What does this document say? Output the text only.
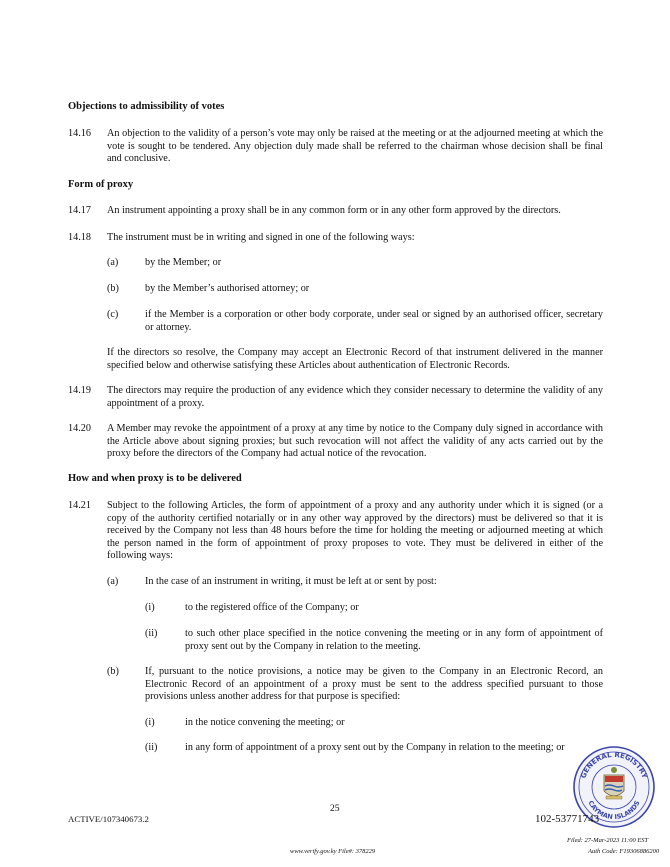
Objections to admissibility of votes
14.16 An objection to the validity of a person’s vote may only be raised at the meeting or at the adjourned meeting at which the vote is sought to be tendered. Any objection duly made shall be referred to the chairman whose decision shall be final and conclusive.
Form of proxy
14.17 An instrument appointing a proxy shall be in any common form or in any other form approved by the directors.
14.18 The instrument must be in writing and signed in one of the following ways:
(a)	by the Member; or
(b)	by the Member’s authorised attorney; or
(c)	if the Member is a corporation or other body corporate, under seal or signed by an authorised officer, secretary or attorney.
If the directors so resolve, the Company may accept an Electronic Record of that instrument delivered in the manner specified below and otherwise satisfying these Articles about authentication of Electronic Records.
14.19 The directors may require the production of any evidence which they consider necessary to determine the validity of any appointment of a proxy.
14.20 A Member may revoke the appointment of a proxy at any time by notice to the Company duly signed in accordance with the Article above about signing proxies; but such revocation will not affect the validity of any acts carried out by the proxy before the directors of the Company had actual notice of the revocation.
How and when proxy is to be delivered
14.21 Subject to the following Articles, the form of appointment of a proxy and any authority under which it is signed (or a copy of the authority certified notarially or in any other way approved by the directors) must be delivered so that it is received by the Company not less than 48 hours before the time for holding the meeting or adjourned meeting at which the person named in the form of appointment of proxy proposes to vote. They must be delivered in either of the following ways:
(a)	In the case of an instrument in writing, it must be left at or sent by post:
(i)	to the registered office of the Company; or
(ii)	to such other place specified in the notice convening the meeting or in any form of appointment of proxy sent out by the Company in relation to the meeting.
(b)	If, pursuant to the notice provisions, a notice may be given to the Company in an Electronic Record, an Electronic Record of an appointment of a proxy must be sent to the address specified pursuant to those provisions unless another address for that purpose is specified:
(i)	in the notice convening the meeting; or
(ii)	in any form of appointment of a proxy sent out by the Company in relation to the meeting; or
GENERAL REGISTRY
CAYMAN ISLANDS
25
ACTIVE/107340673.2	102-53771743
Filed: 27-Mar-2023 11:00 EST
Auth Code: F19306886200
www.verify.gov.ky File#: 378229
